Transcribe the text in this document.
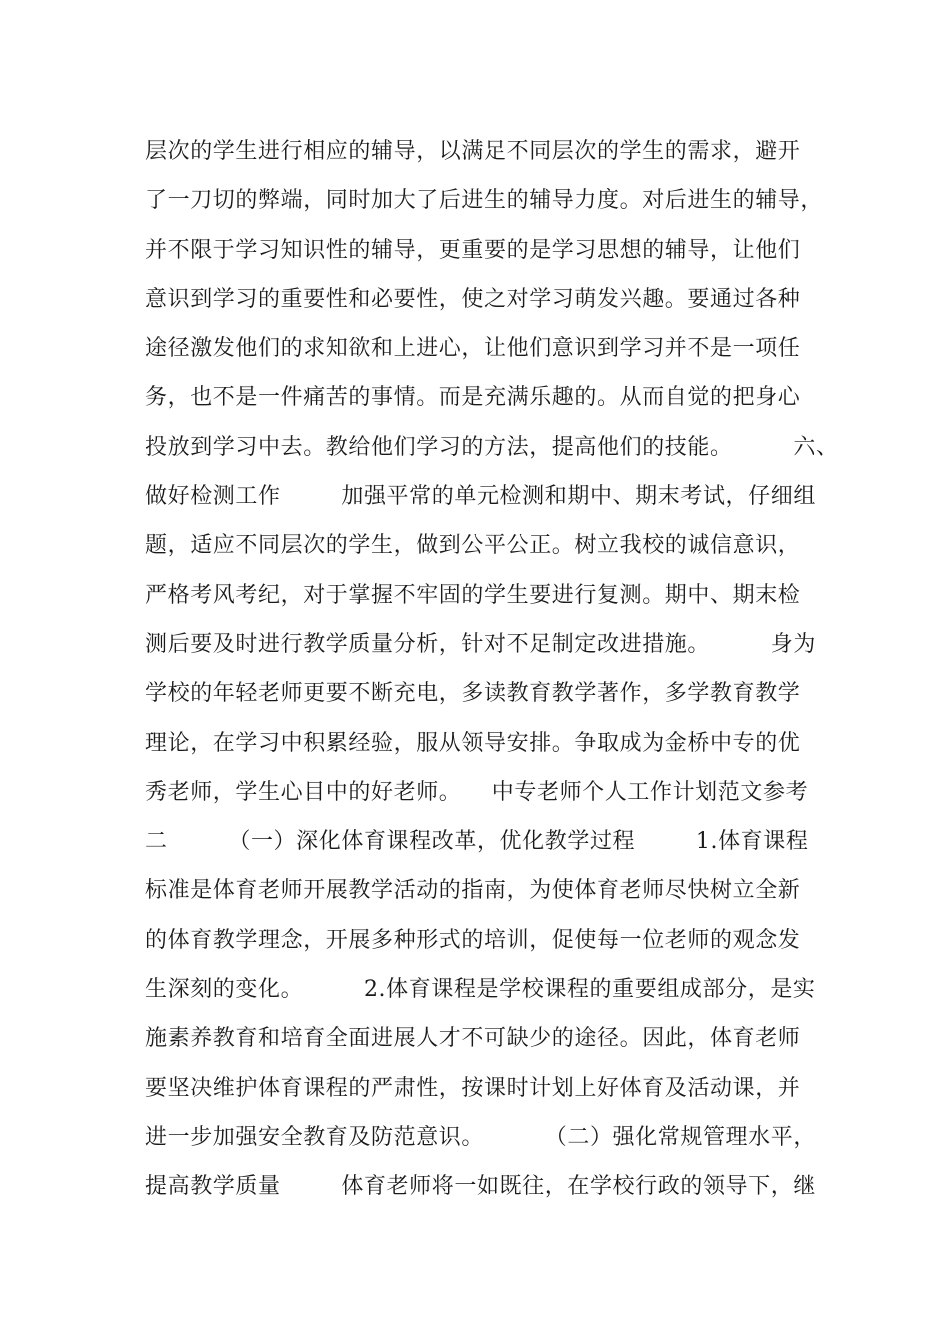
层次的学生进行相应的辅导，以满足不同层次的学生的需求，避开
了一刀切的弊端，同时加大了后进生的辅导力度。对后进生的辅导，
并不限于学习知识性的辅导，更重要的是学习思想的辅导，让他们
意识到学习的重要性和必要性，使之对学习萌发兴趣。要通过各种
途径激发他们的求知欲和上进心，让他们意识到学习并不是一项任
务，也不是一件痛苦的事情。而是充满乐趣的。从而自觉的把身心
投放到学习中去。教给他们学习的方法，提高他们的技能。        六、
做好检测工作        加强平常的单元检测和期中、期末考试，仔细组
题，适应不同层次的学生，做到公平公正。树立我校的诚信意识，
严格考风考纪，对于掌握不牢固的学生要进行复测。期中、期末检
测后要及时进行教学质量分析，针对不足制定改进措施。        身为
学校的年轻老师更要不断充电，多读教育教学著作，多学教育教学
理论，在学习中积累经验，服从领导安排。争取成为金桥中专的优
秀老师，学生心目中的好老师。    中专老师个人工作计划范文参考
二        （一）深化体育课程改革，优化教学过程        1.体育课程
标准是体育老师开展教学活动的指南，为使体育老师尽快树立全新
的体育教学理念，开展多种形式的培训，促使每一位老师的观念发
生深刻的变化。        2.体育课程是学校课程的重要组成部分，是实
施素养教育和培育全面进展人才不可缺少的途径。因此，体育老师
要坚决维护体育课程的严肃性，按课时计划上好体育及活动课，并
进一步加强安全教育及防范意识。        （二）强化常规管理水平，
提高教学质量        体育老师将一如既往，在学校行政的领导下，继
